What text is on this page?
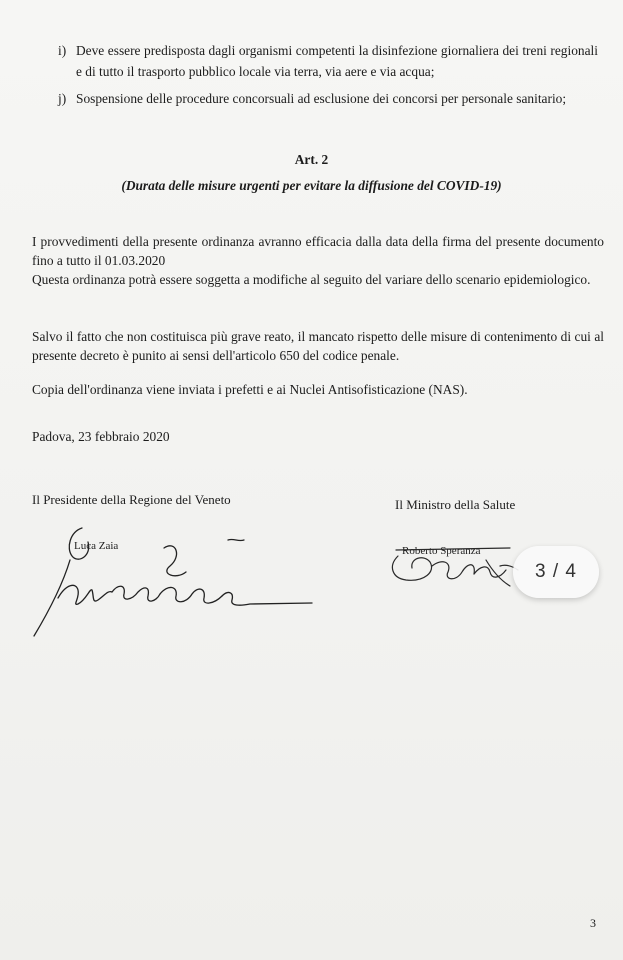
i) Deve essere predisposta dagli organismi competenti la disinfezione giornaliera dei treni regionali e di tutto il trasporto pubblico locale via terra, via aere e via acqua;
j) Sospensione delle procedure concorsuali ad esclusione dei concorsi per personale sanitario;
Art. 2
(Durata delle misure urgenti per evitare la diffusione del COVID-19)
I provvedimenti della presente ordinanza avranno efficacia dalla data della firma del presente documento fino a tutto il 01.03.2020
Questa ordinanza potrà essere soggetta a modifiche al seguito del variare dello scenario epidemiologico.
Salvo il fatto che non costituisca più grave reato, il mancato rispetto delle misure di contenimento di cui al presente decreto è punito ai sensi dell'articolo 650 del codice penale.
Copia dell'ordinanza viene inviata i prefetti e ai Nuclei Antisofisticazione (NAS).
Padova, 23 febbraio 2020
Il Presidente della Regione del Veneto	Il Ministro della Salute
Luca Zaia	Roberto Speranza
3 / 4
3
